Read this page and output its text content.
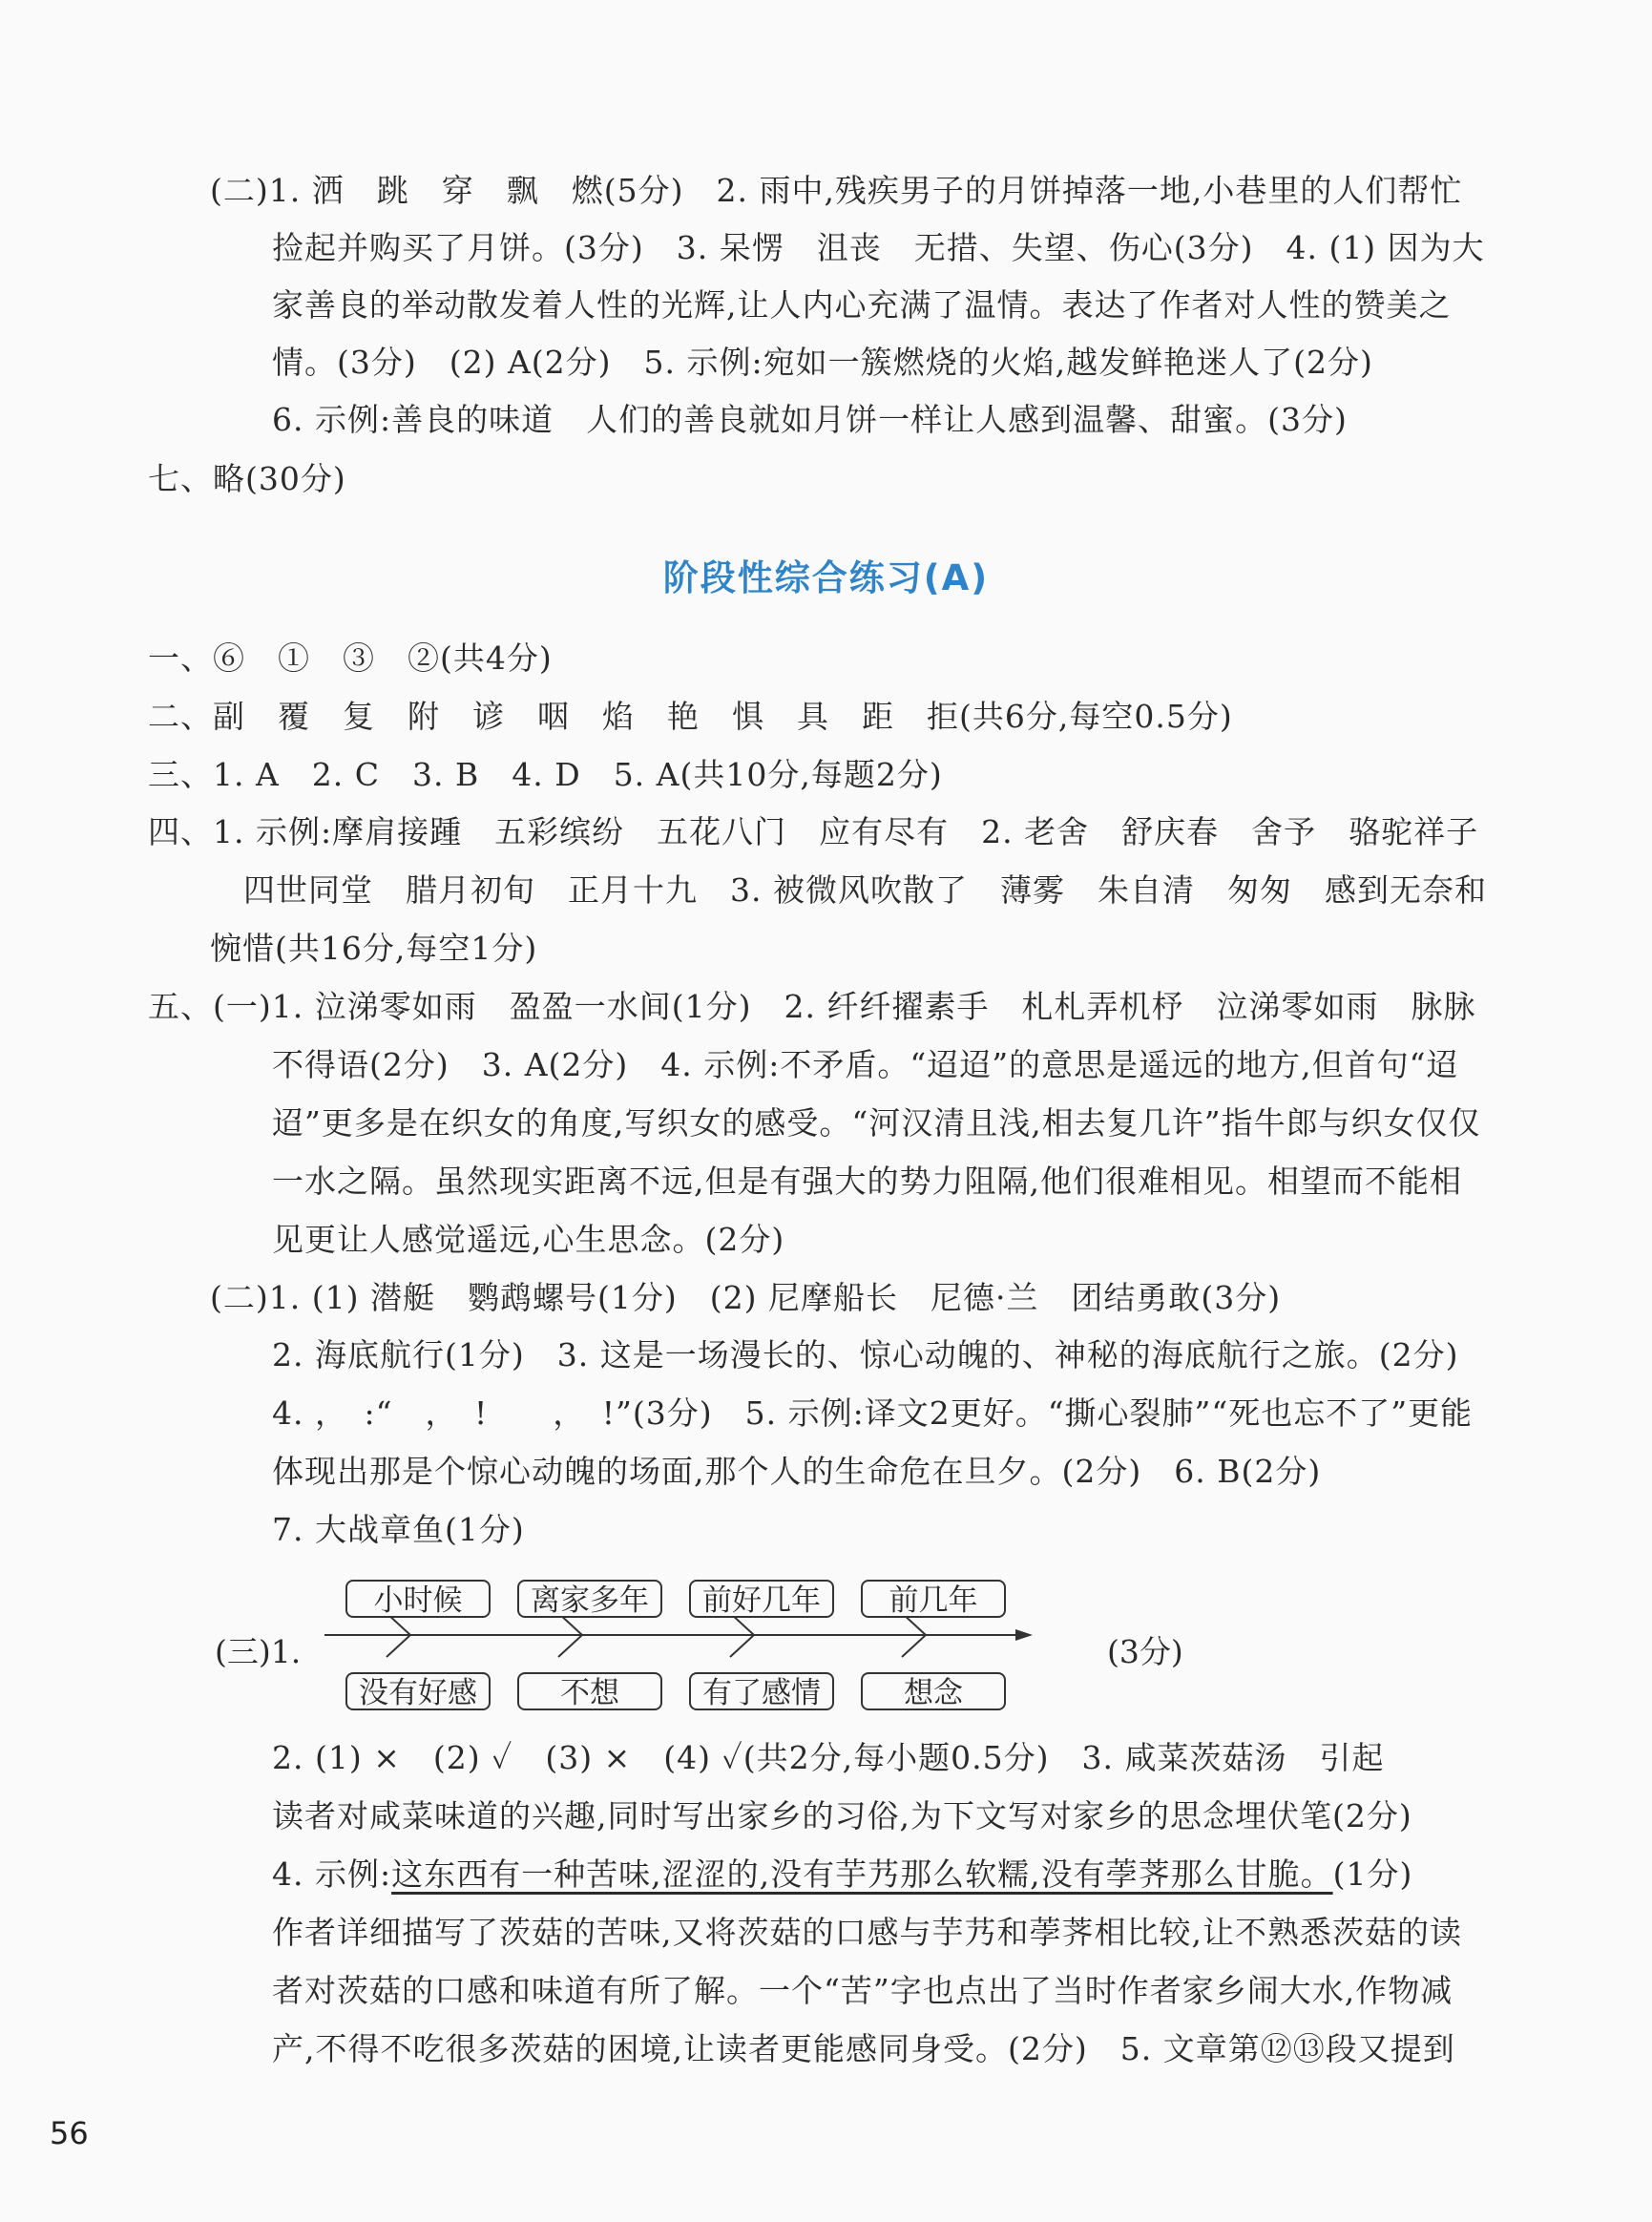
(二)1. 洒　跳　穿　飘　燃(5分)　2. 雨中,残疾男子的月饼掉落一地,小巷里的人们帮忙
捡起并购买了月饼。(3分)　3. 呆愣　沮丧　无措、失望、伤心(3分)　4. (1) 因为大
家善良的举动散发着人性的光辉,让人内心充满了温情。表达了作者对人性的赞美之
情。(3分)　(2) A(2分)　5. 示例:宛如一簇燃烧的火焰,越发鲜艳迷人了(2分)
6. 示例:善良的味道　人们的善良就如月饼一样让人感到温馨、甜蜜。(3分)
七、略(30分)
阶段性综合练习(A)
一、⑥　①　③　②(共4分)
二、副　覆　复　附　谚　咽　焰　艳　惧　具　距　拒(共6分,每空0.5分)
三、1. A　2. C　3. B　4. D　5. A(共10分,每题2分)
四、1. 示例:摩肩接踵　五彩缤纷　五花八门　应有尽有　2. 老舍　舒庆春　舍予　骆驼祥子
四世同堂　腊月初旬　正月十九　3. 被微风吹散了　薄雾　朱自清　匆匆　感到无奈和
惋惜(共16分,每空1分)
五、(一)1. 泣涕零如雨　盈盈一水间(1分)　2. 纤纤擢素手　札札弄机杼　泣涕零如雨　脉脉
不得语(2分)　3. A(2分)　4. 示例:不矛盾。“迢迢”的意思是遥远的地方,但首句“迢
迢”更多是在织女的角度,写织女的感受。“河汉清且浅,相去复几许”指牛郎与织女仅仅
一水之隔。虽然现实距离不远,但是有强大的势力阻隔,他们很难相见。相望而不能相
见更让人感觉遥远,心生思念。(2分)
(二)1. (1) 潜艇　鹦鹉螺号(1分)　(2) 尼摩船长　尼德·兰　团结勇敢(3分)
2. 海底航行(1分)　3. 这是一场漫长的、惊心动魄的、神秘的海底航行之旅。(2分)
4. ，　:“　，　!　　，　!”(3分)　5. 示例:译文2更好。“撕心裂肺”“死也忘不了”更能
体现出那是个惊心动魄的场面,那个人的生命危在旦夕。(2分)　6. B(2分)
7. 大战章鱼(1分)
(三)1.
小时候	离家多年	前好几年	前几年
没有好感	不想	有了感情	想念
(3分)
2. (1) ×　(2) ✓　(3) ×　(4) ✓(共2分,每小题0.5分)　3. 咸菜茨菇汤　引起
读者对咸菜味道的兴趣,同时写出家乡的习俗,为下文写对家乡的思念埋伏笔(2分)
4. 示例:这东西有一种苦味,涩涩的,没有芋艿那么软糯,没有荸荠那么甘脆。(1分)
作者详细描写了茨菇的苦味,又将茨菇的口感与芋艿和荸荠相比较,让不熟悉茨菇的读
者对茨菇的口感和味道有所了解。一个“苦”字也点出了当时作者家乡闹大水,作物减
产,不得不吃很多茨菇的困境,让读者更能感同身受。(2分)　5. 文章第⑫⑬段又提到
56
